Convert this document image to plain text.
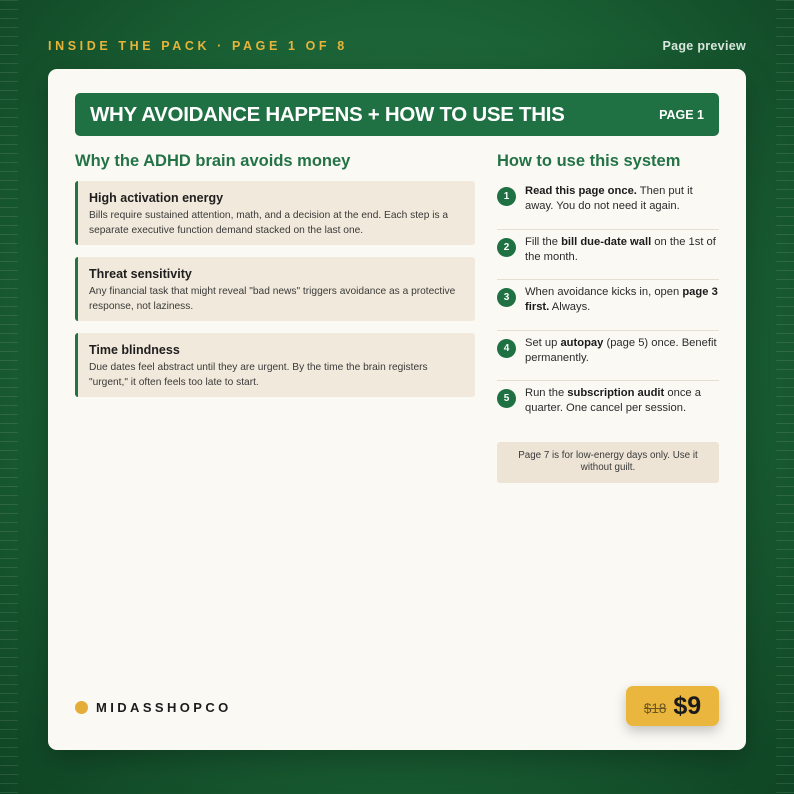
INSIDE THE PACK · PAGE 1 OF 8	Page preview
WHY AVOIDANCE HAPPENS + HOW TO USE THIS	PAGE 1
Why the ADHD brain avoids money
High activation energy
Bills require sustained attention, math, and a decision at the end. Each step is a separate executive function demand stacked on the last one.
Threat sensitivity
Any financial task that might reveal "bad news" triggers avoidance as a protective response, not laziness.
Time blindness
Due dates feel abstract until they are urgent. By the time the brain registers "urgent," it often feels too late to start.
How to use this system
1	Read this page once. Then put it away. You do not need it again.
2	Fill the bill due-date wall on the 1st of the month.
3	When avoidance kicks in, open page 3 first. Always.
4	Set up autopay (page 5) once. Benefit permanently.
5	Run the subscription audit once a quarter. One cancel per session.
Page 7 is for low-energy days only. Use it without guilt.
MIDASSHOPCO	$18 $9
